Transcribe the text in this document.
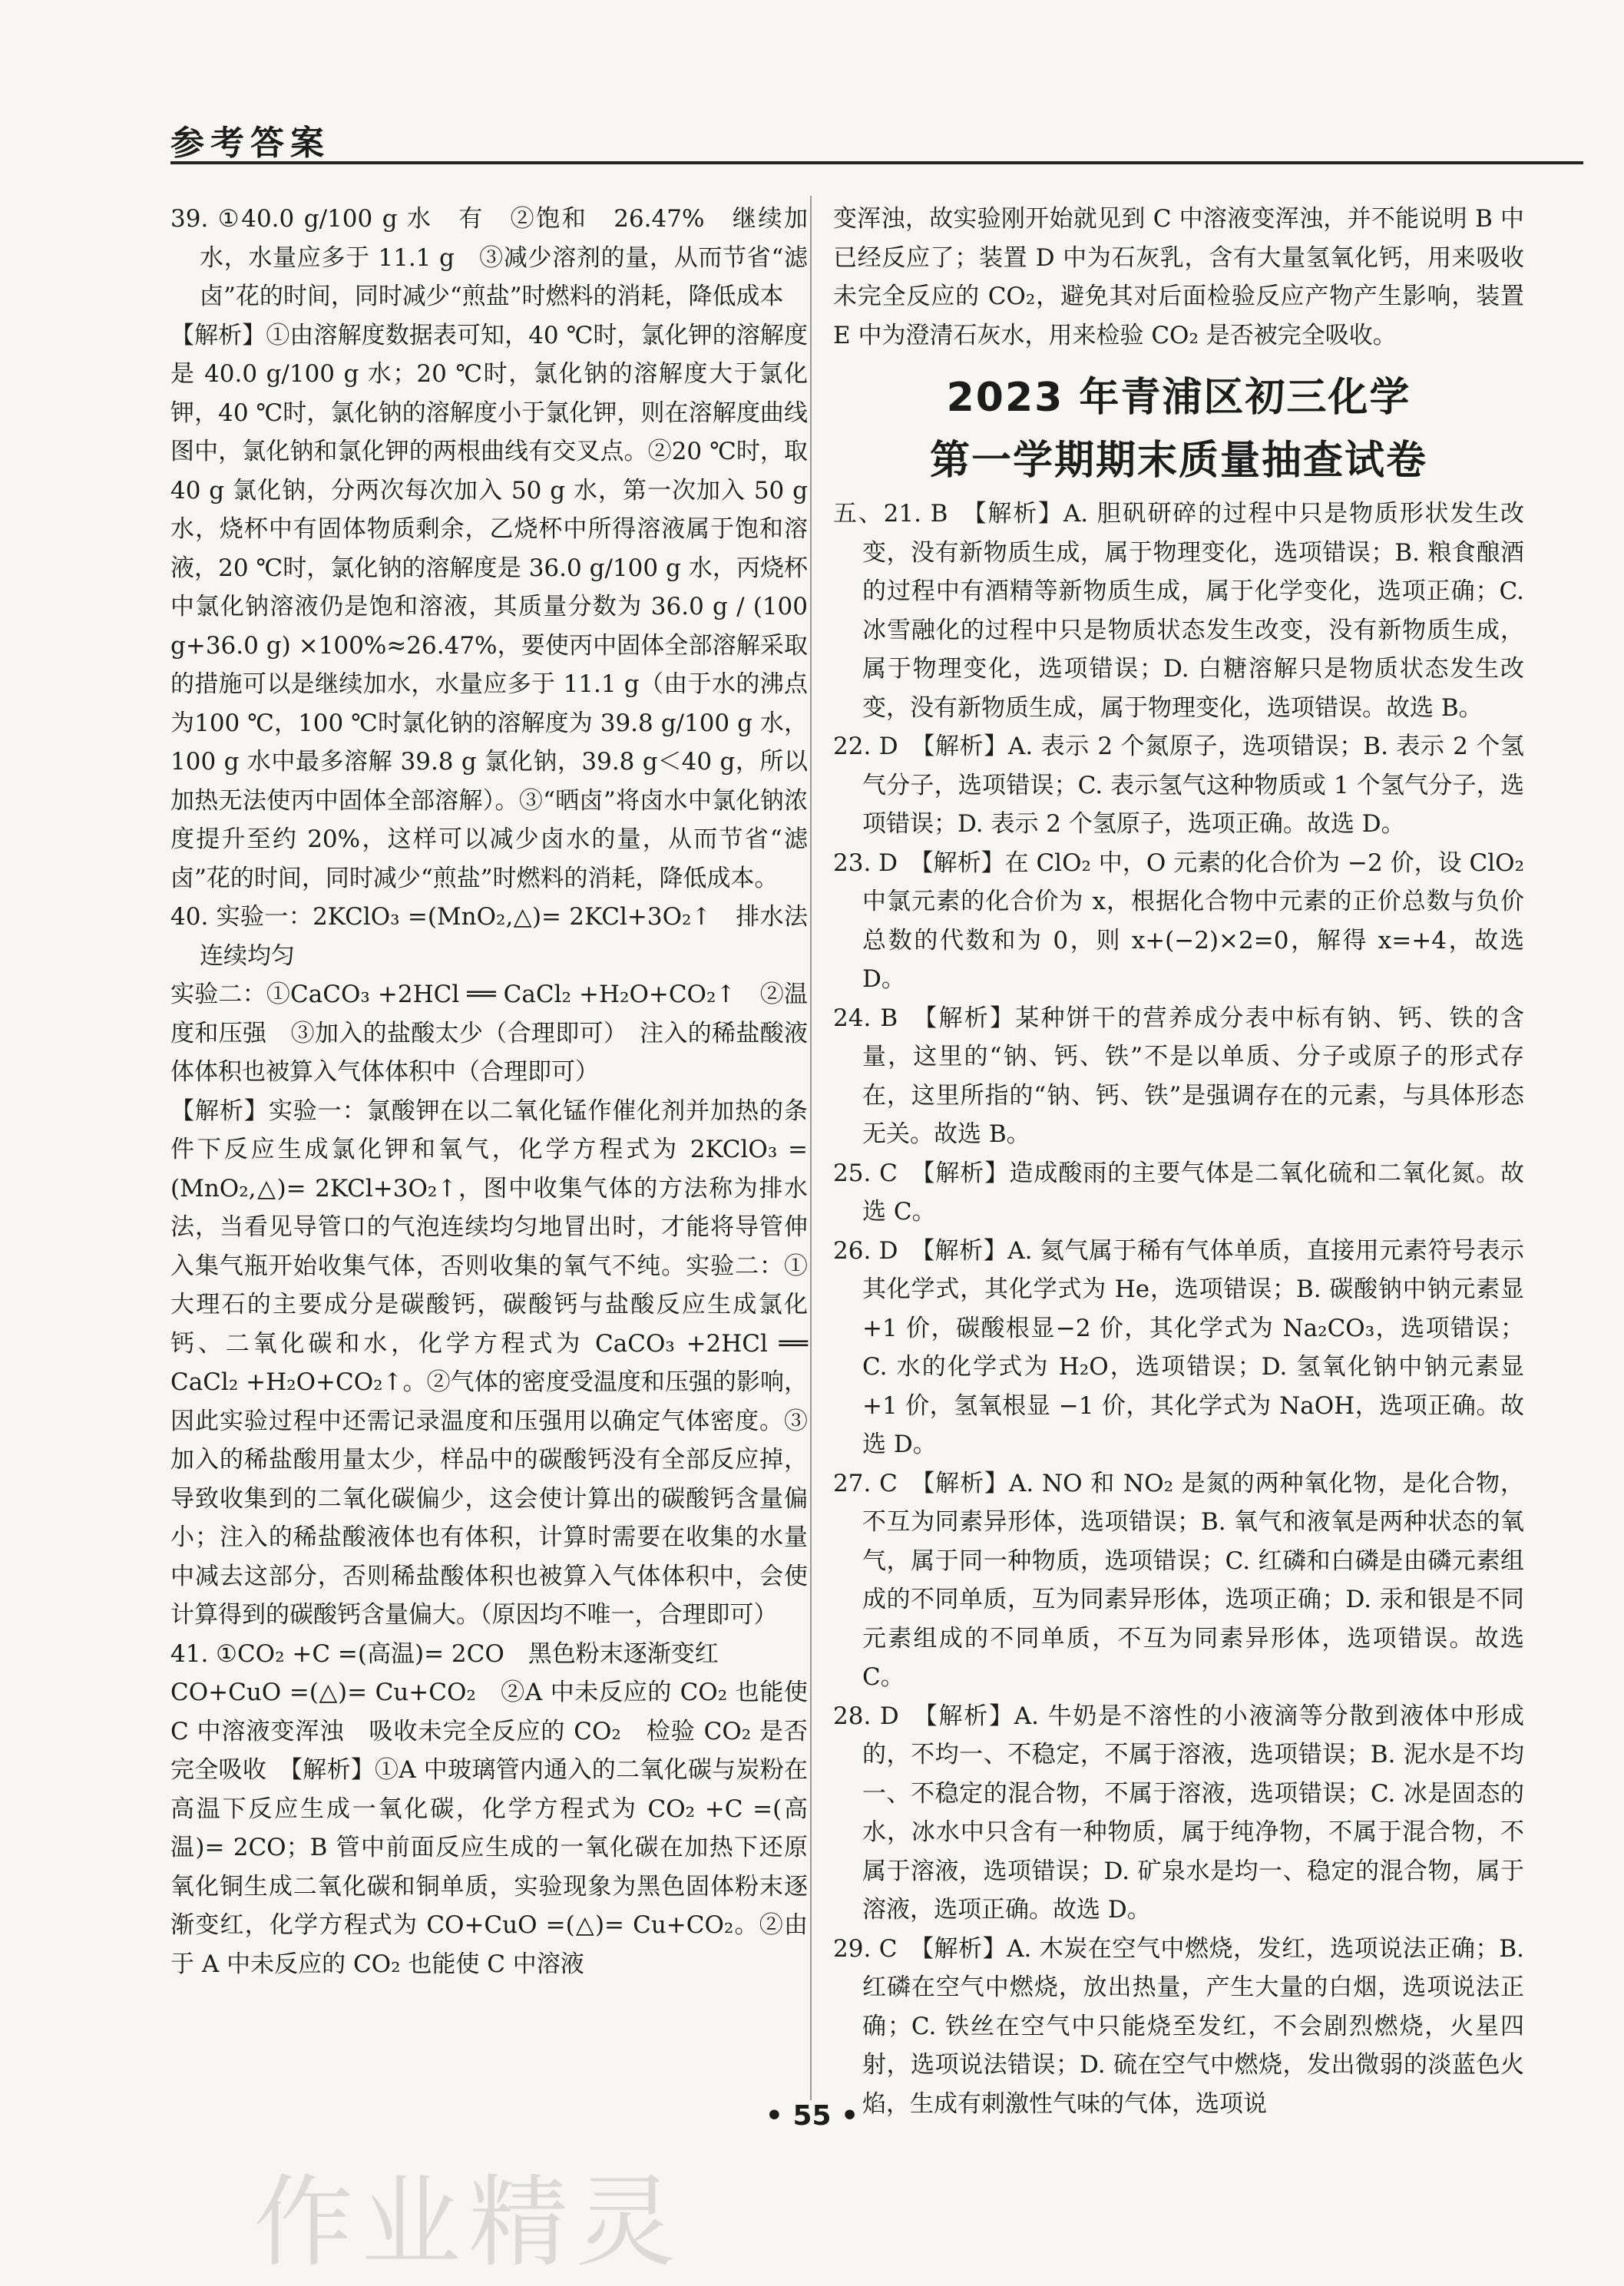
参考答案

39. ①40.0 g/100 g 水　有　②饱和　26.47%　继续加水，水量应多于 11.1 g　③减少溶剂的量，从而节省“滤卤”花的时间，同时减少“煎盐”时燃料的消耗，降低成本

【解析】①由溶解度数据表可知，40 ℃时，氯化钾的溶解度是 40.0 g/100 g 水；20 ℃时，氯化钠的溶解度大于氯化钾，40 ℃时，氯化钠的溶解度小于氯化钾，则在溶解度曲线图中，氯化钠和氯化钾的两根曲线有交叉点。②20 ℃时，取 40 g 氯化钠，分两次每次加入 50 g 水，第一次加入 50 g 水，烧杯中有固体物质剩余，乙烧杯中所得溶液属于饱和溶液，20 ℃时，氯化钠的溶解度是 36.0 g/100 g 水，丙烧杯中氯化钠溶液仍是饱和溶液，其质量分数为 36.0 g / (100 g+36.0 g) ×100%≈26.47%，要使丙中固体全部溶解采取的措施可以是继续加水，水量应多于 11.1 g（由于水的沸点为100 ℃，100 ℃时氯化钠的溶解度为 39.8 g/100 g 水，100 g 水中最多溶解 39.8 g 氯化钠，39.8 g＜40 g，所以加热无法使丙中固体全部溶解）。③“晒卤”将卤水中氯化钠浓度提升至约 20%，这样可以减少卤水的量，从而节省“滤卤”花的时间，同时减少“煎盐”时燃料的消耗，降低成本。

40. 实验一：2KClO₃ =(MnO₂,△)= 2KCl+3O₂↑　排水法　连续均匀

实验二：①CaCO₃ +2HCl ══ CaCl₂ +H₂O+CO₂↑　②温度和压强　③加入的盐酸太少（合理即可）　注入的稀盐酸液体体积也被算入气体体积中（合理即可）

【解析】实验一：氯酸钾在以二氧化锰作催化剂并加热的条件下反应生成氯化钾和氧气，化学方程式为 2KClO₃ =(MnO₂,△)= 2KCl+3O₂↑，图中收集气体的方法称为排水法，当看见导管口的气泡连续均匀地冒出时，才能将导管伸入集气瓶开始收集气体，否则收集的氧气不纯。实验二：①大理石的主要成分是碳酸钙，碳酸钙与盐酸反应生成氯化钙、二氧化碳和水，化学方程式为 CaCO₃ +2HCl ══ CaCl₂ +H₂O+CO₂↑。②气体的密度受温度和压强的影响，因此实验过程中还需记录温度和压强用以确定气体密度。③加入的稀盐酸用量太少，样品中的碳酸钙没有全部反应掉，导致收集到的二氧化碳偏少，这会使计算出的碳酸钙含量偏小；注入的稀盐酸液体也有体积，计算时需要在收集的水量中减去这部分，否则稀盐酸体积也被算入气体体积中，会使计算得到的碳酸钙含量偏大。（原因均不唯一，合理即可）

41. ①CO₂ +C =(高温)= 2CO　黑色粉末逐渐变红

CO+CuO =(△)= Cu+CO₂　②A 中未反应的 CO₂ 也能使 C 中溶液变浑浊　吸收未完全反应的 CO₂　检验 CO₂ 是否完全吸收　【解析】①A 中玻璃管内通入的二氧化碳与炭粉在高温下反应生成一氧化碳，化学方程式为 CO₂ +C =(高温)= 2CO；B 管中前面反应生成的一氧化碳在加热下还原氧化铜生成二氧化碳和铜单质，实验现象为黑色固体粉末逐渐变红，化学方程式为 CO+CuO =(△)= Cu+CO₂。②由于 A 中未反应的 CO₂ 也能使 C 中溶液

变浑浊，故实验刚开始就见到 C 中溶液变浑浊，并不能说明 B 中已经反应了；装置 D 中为石灰乳，含有大量氢氧化钙，用来吸收未完全反应的 CO₂，避免其对后面检验反应产物产生影响，装置 E 中为澄清石灰水，用来检验 CO₂ 是否被完全吸收。

2023 年青浦区初三化学
第一学期期末质量抽查试卷

五、21. B　【解析】A. 胆矾研碎的过程中只是物质形状发生改变，没有新物质生成，属于物理变化，选项错误；B. 粮食酿酒的过程中有酒精等新物质生成，属于化学变化，选项正确；C. 冰雪融化的过程中只是物质状态发生改变，没有新物质生成，属于物理变化，选项错误；D. 白糖溶解只是物质状态发生改变，没有新物质生成，属于物理变化，选项错误。故选 B。

22. D　【解析】A. 表示 2 个氮原子，选项错误；B. 表示 2 个氢气分子，选项错误；C. 表示氢气这种物质或 1 个氢气分子，选项错误；D. 表示 2 个氢原子，选项正确。故选 D。

23. D　【解析】在 ClO₂ 中，O 元素的化合价为 −2 价，设 ClO₂ 中氯元素的化合价为 x，根据化合物中元素的正价总数与负价总数的代数和为 0，则 x+(−2)×2=0，解得 x=+4，故选 D。

24. B　【解析】某种饼干的营养成分表中标有钠、钙、铁的含量，这里的“钠、钙、铁”不是以单质、分子或原子的形式存在，这里所指的“钠、钙、铁”是强调存在的元素，与具体形态无关。故选 B。

25. C　【解析】造成酸雨的主要气体是二氧化硫和二氧化氮。故选 C。

26. D　【解析】A. 氦气属于稀有气体单质，直接用元素符号表示其化学式，其化学式为 He，选项错误；B. 碳酸钠中钠元素显+1 价，碳酸根显−2 价，其化学式为 Na₂CO₃，选项错误；C. 水的化学式为 H₂O，选项错误；D. 氢氧化钠中钠元素显 +1 价，氢氧根显 −1 价，其化学式为 NaOH，选项正确。故选 D。

27. C　【解析】A. NO 和 NO₂ 是氮的两种氧化物，是化合物，不互为同素异形体，选项错误；B. 氧气和液氧是两种状态的氧气，属于同一种物质，选项错误；C. 红磷和白磷是由磷元素组成的不同单质，互为同素异形体，选项正确；D. 汞和银是不同元素组成的不同单质，不互为同素异形体，选项错误。故选 C。

28. D　【解析】A. 牛奶是不溶性的小液滴等分散到液体中形成的，不均一、不稳定，不属于溶液，选项错误；B. 泥水是不均一、不稳定的混合物，不属于溶液，选项错误；C. 冰是固态的水，冰水中只含有一种物质，属于纯净物，不属于混合物，不属于溶液，选项错误；D. 矿泉水是均一、稳定的混合物，属于溶液，选项正确。故选 D。

29. C　【解析】A. 木炭在空气中燃烧，发红，选项说法正确；B. 红磷在空气中燃烧，放出热量，产生大量的白烟，选项说法正确；C. 铁丝在空气中只能烧至发红，不会剧烈燃烧，火星四射，选项说法错误；D. 硫在空气中燃烧，发出微弱的淡蓝色火焰，生成有刺激性气味的气体，选项说

• 55 •
作业精灵
